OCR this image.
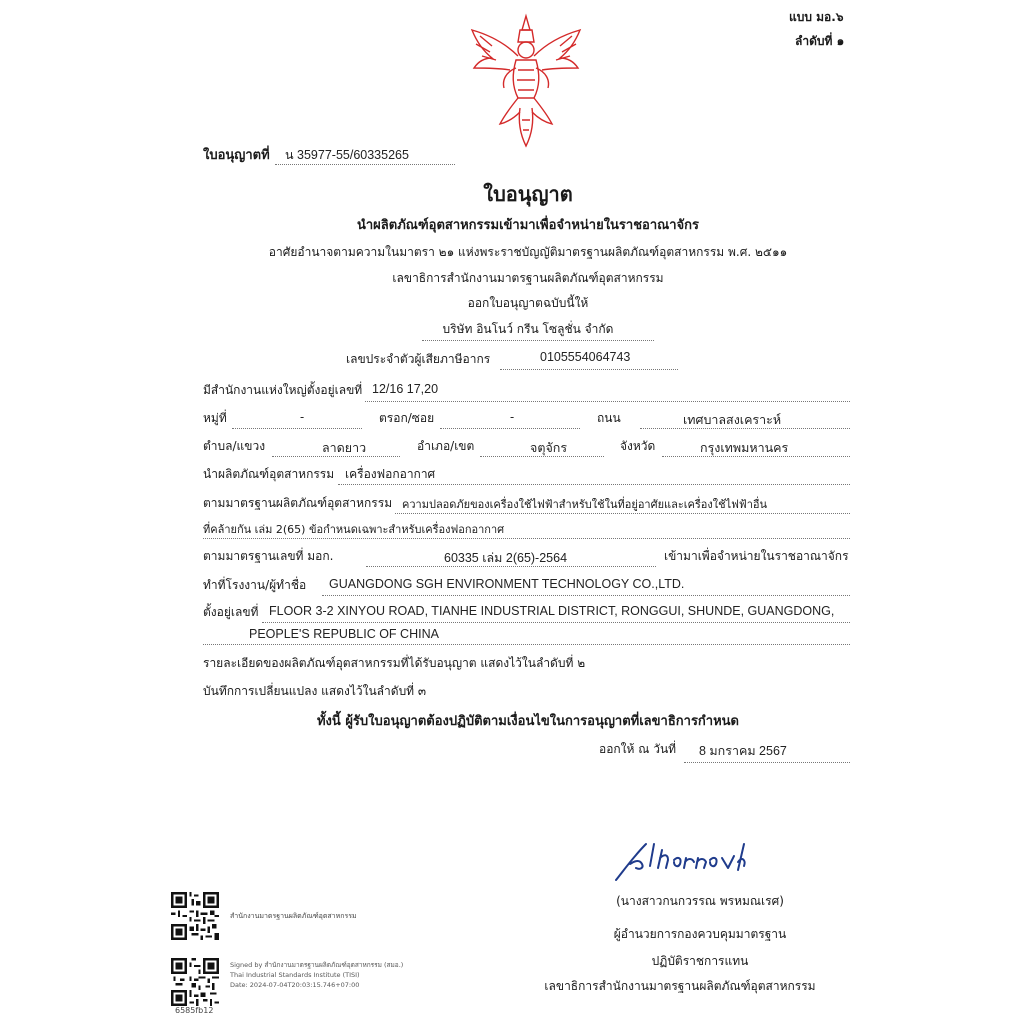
แบบ มอ.๖
ลำดับที่ ๑
ใบอนุญาตที่ น 35977-55/60335265
ใบอนุญาต
นำผลิตภัณฑ์อุตสาหกรรมเข้ามาเพื่อจำหน่ายในราชอาณาจักร
อาศัยอำนาจตามความในมาตรา ๒๑ แห่งพระราชบัญญัติมาตรฐานผลิตภัณฑ์อุตสาหกรรม พ.ศ. ๒๕๑๑
เลขาธิการสำนักงานมาตรฐานผลิตภัณฑ์อุตสาหกรรม
ออกใบอนุญาตฉบับนี้ให้
บริษัท อินโนว์ กรีน โซลูชั่น จำกัด
เลขประจำตัวผู้เสียภาษีอากร	0105554064743
มีสำนักงานแห่งใหญ่ตั้งอยู่เลขที่ 12/16 17,20
หมู่ที่	-	ตรอก/ซอย	-	ถนน	เทศบาลสงเคราะห์
ตำบล/แขวง	ลาดยาว	อำเภอ/เขต	จตุจักร	จังหวัด	กรุงเทพมหานคร
นำผลิตภัณฑ์อุตสาหกรรม เครื่องฟอกอากาศ
ตามมาตรฐานผลิตภัณฑ์อุตสาหกรรม ความปลอดภัยของเครื่องใช้ไฟฟ้าสำหรับใช้ในที่อยู่อาศัยและเครื่องใช้ไฟฟ้าอื่น
ที่คล้ายกัน เล่ม 2(65) ข้อกำหนดเฉพาะสำหรับเครื่องฟอกอากาศ
ตามมาตรฐานเลขที่ มอก.	60335 เล่ม 2(65)-2564	เข้ามาเพื่อจำหน่ายในราชอาณาจักร
ทำที่โรงงาน/ผู้ทำชื่อ GUANGDONG SGH ENVIRONMENT TECHNOLOGY CO.,LTD.
ตั้งอยู่เลขที่ FLOOR 3-2 XINYOU ROAD, TIANHE INDUSTRIAL DISTRICT, RONGGUI, SHUNDE, GUANGDONG,
PEOPLE'S REPUBLIC OF CHINA
รายละเอียดของผลิตภัณฑ์อุตสาหกรรมที่ได้รับอนุญาต แสดงไว้ในลำดับที่ ๒
บันทึกการเปลี่ยนแปลง แสดงไว้ในลำดับที่ ๓
ทั้งนี้ ผู้รับใบอนุญาตต้องปฏิบัติตามเงื่อนไขในการอนุญาตที่เลขาธิการกำหนด
ออกให้ ณ วันที่ 8 มกราคม 2567
(นางสาวกนกวรรณ พรหมณเรศ)
ผู้อำนวยการกองควบคุมมาตรฐาน
ปฏิบัติราชการแทน
เลขาธิการสำนักงานมาตรฐานผลิตภัณฑ์อุตสาหกรรม
สำนักงานมาตรฐานผลิตภัณฑ์อุตสาหกรรม
Signed by สำนักงานมาตรฐานผลิตภัณฑ์อุตสาหกรรม (สมอ.)
Thai Industrial Standards Institute (TISI)
Date: 2024-07-04T20:03:15.746+07:00
6585fb12
